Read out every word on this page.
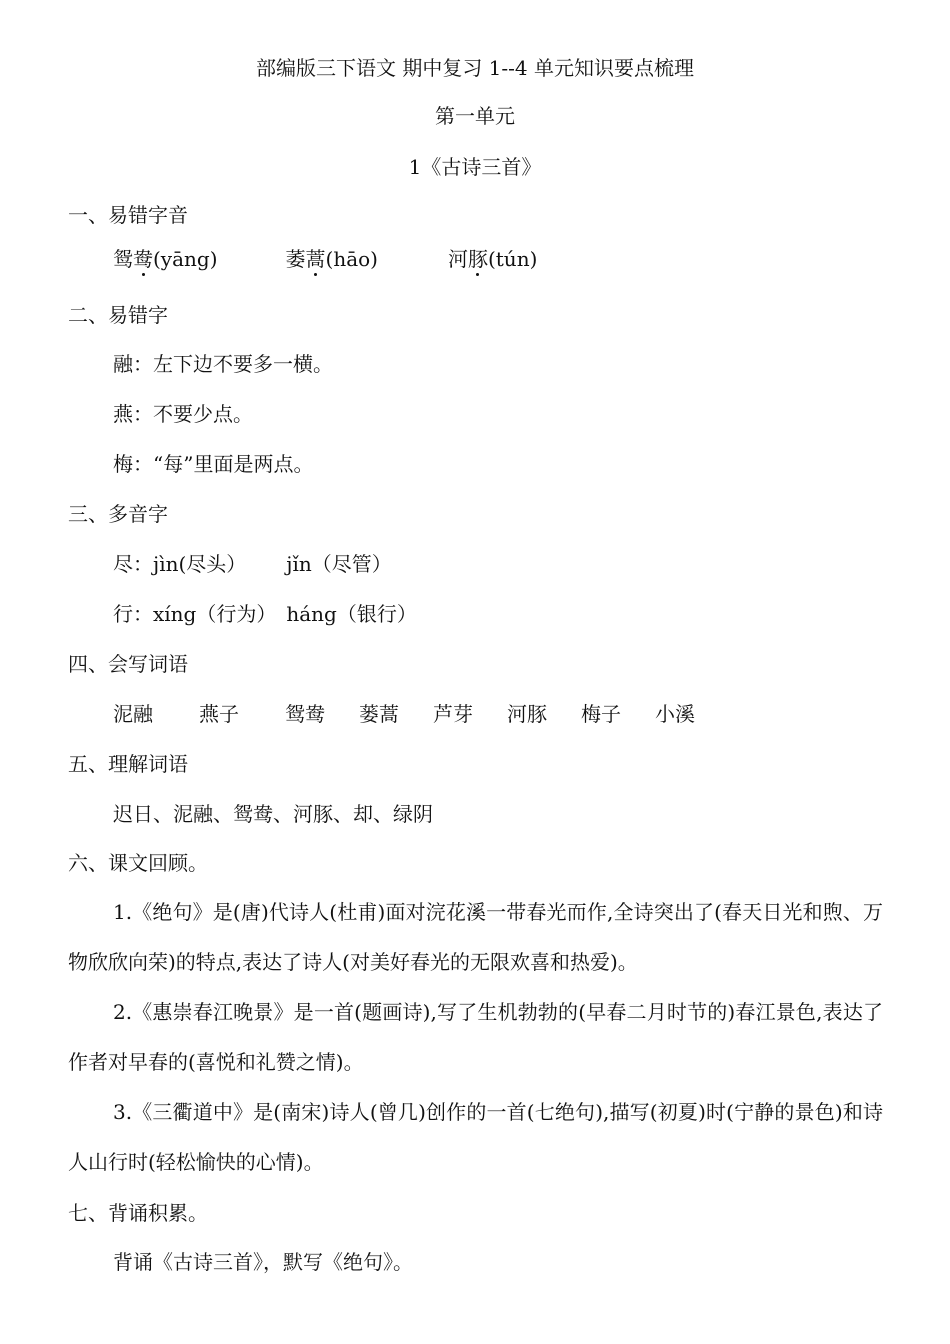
部编版三下语文 期中复习 1--4 单元知识要点梳理
第一单元
1《古诗三首》
一、易错字音
鸳鸯(yāng)	萎蒿(hāo)	河豚(tún)
二、易错字
融：左下边不要多一横。
燕：不要少点。
梅：“每”里面是两点。
三、多音字
尽：jìn(尽头） jǐn（尽管）
行：xíng（行为） háng（银行）
四、会写词语
泥融 燕子 鸳鸯 蒌蒿 芦芽 河豚 梅子 小溪
五、理解词语
迟日、泥融、鸳鸯、河豚、却、绿阴
六、课文回顾。

1.《绝句》是(唐)代诗人(杜甫)面对浣花溪一带春光而作,全诗突出了(春天日光和煦、万物欣欣向荣)的特点,表达了诗人(对美好春光的无限欢喜和热爱)。

2.《惠崇春江晚景》是一首(题画诗),写了生机勃勃的(早春二月时节的)春江景色,表达了作者对早春的(喜悦和礼赞之情)。

3.《三衢道中》是(南宋)诗人(曾几)创作的一首(七绝句),描写(初夏)时(宁静的景色)和诗人山行时(轻松愉快的心情)。

七、背诵积累。
背诵《古诗三首》，默写《绝句》。
